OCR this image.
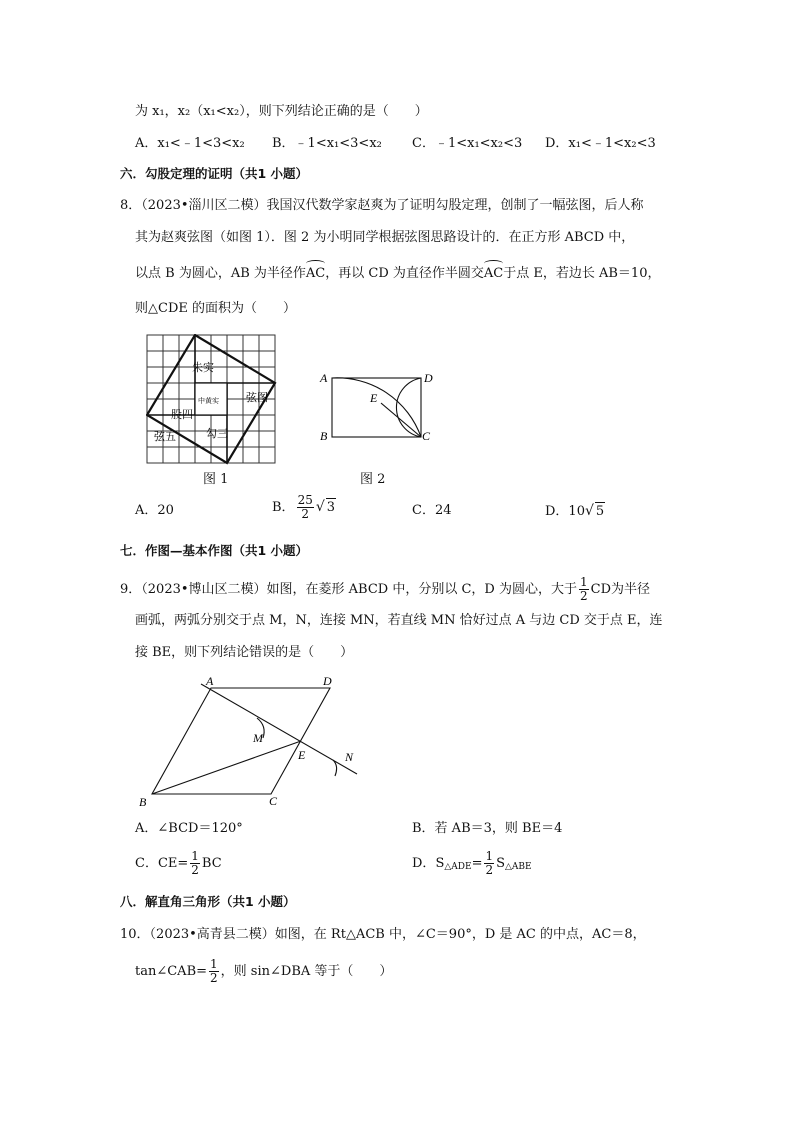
为 x₁，x₂（x₁<x₂），则下列结论正确的是（　　）
A．x₁<﹣1<3<x₂ B．﹣1<x₁<3<x₂ C．﹣1<x₁<x₂<3 D．x₁<﹣1<x₂<3
六．勾股定理的证明（共1 小题）
8．（2023•淄川区二模）我国汉代数学家赵爽为了证明勾股定理，创制了一幅弦图，后人称
其为赵爽弦图（如图 1）．图 2 为小明同学根据弦图思路设计的．在正方形 ABCD 中，
以点 B 为圆心，AB 为半径作
AC，再以 CD 为直径作半圆交
AC于点 E，若边长 AB＝10，
则△CDE 的面积为（　　）
朱实
中黄实 弦图
股四
勾三
弦五
图 1
A	D
E
B	C
图 2
A．20	B． $\frac{25}{2}$ √ 3	C．24	D．10√ 5
七．作图—基本作图（共1 小题）
9．（2023•博山区二模）如图，在菱形 ABCD 中，分别以 C，D 为圆心，大于 $\frac{1}{2}$ CD为半径
画弧，两弧分别交于点 M，N，连接 MN，若直线 MN 恰好过点 A 与边 CD 交于点 E，连
接 BE，则下列结论错误的是（　　）
A	D
M
E	N
B	C
A．∠BCD＝120°	B．若 AB＝3，则 BE＝4
C．$CE= \frac{1}{2}$ BC	D．$S_{\triangle ADE}= \frac{1}{2} S_{\triangle ABE}$
八．解直角三角形（共1 小题）
10．（2023•高青县二模）如图，在 Rt△ACB 中，∠C＝90°，D 是 AC 的中点，AC＝8，
tan∠CAB= $\frac{1}{2}$ ，则 sin∠DBA 等于（　　）
